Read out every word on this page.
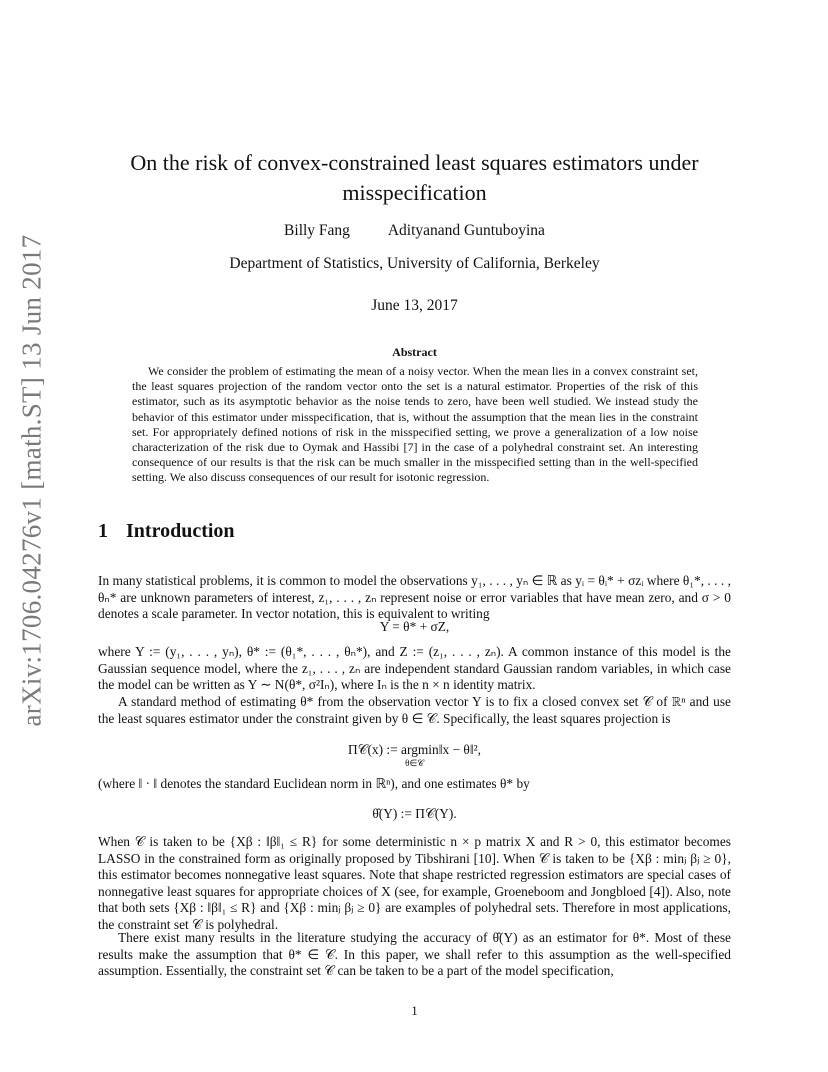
arXiv:1706.04276v1 [math.ST] 13 Jun 2017
On the risk of convex-constrained least squares estimators under
misspecification
Billy Fang Adityanand Guntuboyina
Department of Statistics, University of California, Berkeley
June 13, 2017
Abstract

We consider the problem of estimating the mean of a noisy vector. When the mean lies in a convex constraint set, the least squares projection of the random vector onto the set is a natural estimator. Properties of the risk of this estimator, such as its asymptotic behavior as the noise tends to zero, have been well studied. We instead study the behavior of this estimator under misspecification, that is, without the assumption that the mean lies in the constraint set. For appropriately defined notions of risk in the misspecified setting, we prove a generalization of a low noise characterization of the risk due to Oymak and Hassibi [7] in the case of a polyhedral constraint set. An interesting consequence of our results is that the risk can be much smaller in the misspecified setting than in the well-specified setting. We also discuss consequences of our result for isotonic regression.

1 Introduction

In many statistical problems, it is common to model the observations y₁, . . . , yₙ ∈ ℝ as yᵢ = θᵢ* + σzᵢ where θ₁*, . . . , θₙ* are unknown parameters of interest, z₁, . . . , zₙ represent noise or error variables that have mean zero, and σ > 0 denotes a scale parameter. In vector notation, this is equivalent to writing

Y = θ* + σZ,

where Y := (y₁, . . . , yₙ), θ* := (θ₁*, . . . , θₙ*), and Z := (z₁, . . . , zₙ). A common instance of this model is the Gaussian sequence model, where the z₁, . . . , zₙ are independent standard Gaussian random variables, in which case the model can be written as Y ∼ N(θ*, σ²Iₙ), where Iₙ is the n × n identity matrix.

A standard method of estimating θ* from the observation vector Y is to fix a closed convex set 𝒞 of ℝⁿ and use the least squares estimator under the constraint given by θ ∈ 𝒞. Specifically, the least squares projection is

Π𝒞(x) := argmin‖x − θ‖²,
θ∈𝒞

(where ‖ · ‖ denotes the standard Euclidean norm in ℝⁿ), and one estimates θ* by

θ̂(Y) := Π𝒞(Y).

When 𝒞 is taken to be {Xβ : ‖β‖₁ ≤ R} for some deterministic n × p matrix X and R > 0, this estimator becomes LASSO in the constrained form as originally proposed by Tibshirani [10]. When 𝒞 is taken to be {Xβ : minⱼ βⱼ ≥ 0}, this estimator becomes nonnegative least squares. Note that shape restricted regression estimators are special cases of nonnegative least squares for appropriate choices of X (see, for example, Groeneboom and Jongbloed [4]). Also, note that both sets {Xβ : ‖β‖₁ ≤ R} and {Xβ : minⱼ βⱼ ≥ 0} are examples of polyhedral sets. Therefore in most applications, the constraint set 𝒞 is polyhedral.

There exist many results in the literature studying the accuracy of θ̂(Y) as an estimator for θ*. Most of these results make the assumption that θ* ∈ 𝒞. In this paper, we shall refer to this assumption as the well-specified assumption. Essentially, the constraint set 𝒞 can be taken to be a part of the model specification,

1
